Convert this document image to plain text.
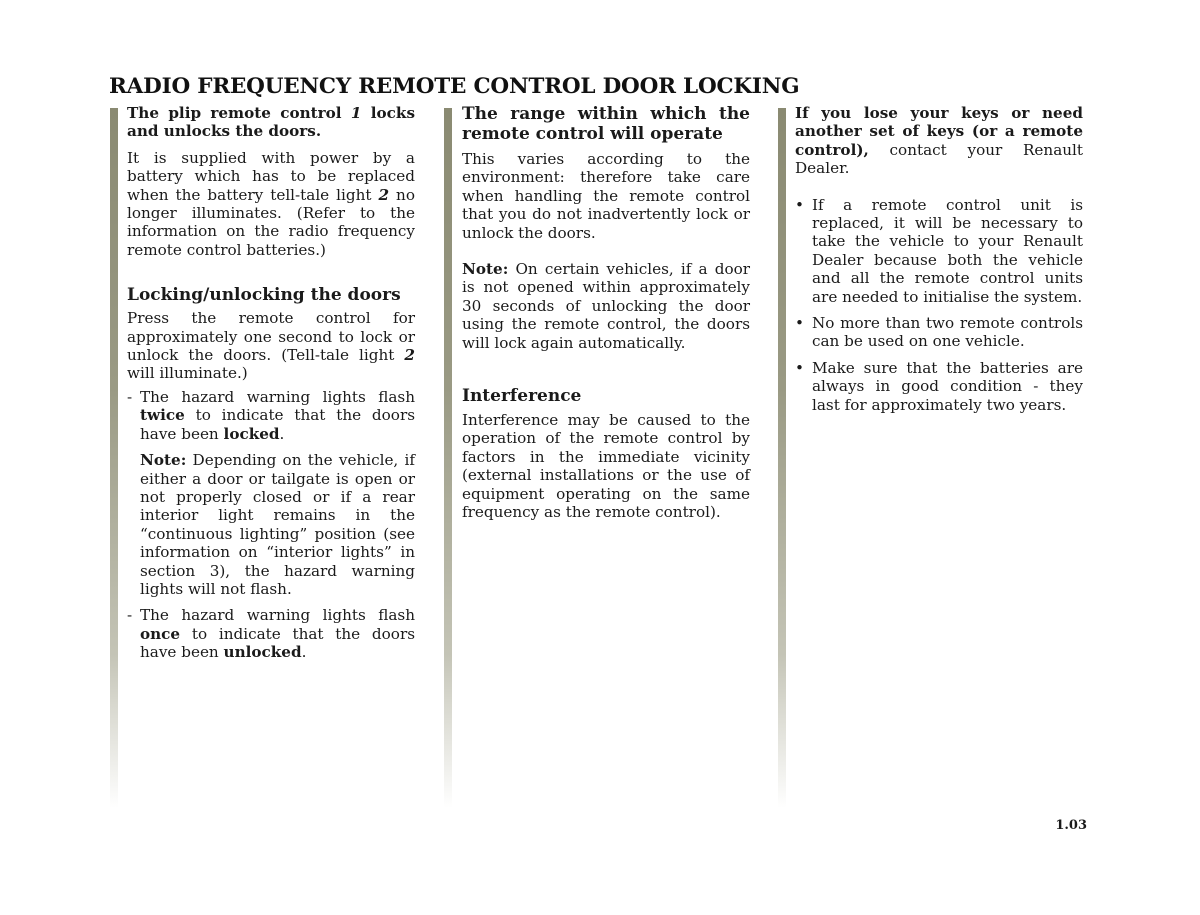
RADIO FREQUENCY REMOTE CONTROL DOOR LOCKING

The plip remote control 1 locks and unlocks the doors.

It is supplied with power by a battery which has to be replaced when the battery tell-tale light 2 no longer illuminates. (Refer to the information on the radio frequency remote control batteries.)

Locking/unlocking the doors

Press the remote control for approximately one second to lock or unlock the doors. (Tell-tale light 2 will illuminate.)

- The hazard warning lights flash twice to indicate that the doors have been locked.

Note: Depending on the vehicle, if either a door or tailgate is open or not properly closed or if a rear interior light remains in the “continuous lighting” position (see information on “interior lights” in section 3), the hazard warning lights will not flash.

- The hazard warning lights flash once to indicate that the doors have been unlocked.

The range within which the remote control will operate

This varies according to the environment: therefore take care when handling the remote control that you do not inadvertently lock or unlock the doors.

Note: On certain vehicles, if a door is not opened within approximately 30 seconds of unlocking the door using the remote control, the doors will lock again automatically.

Interference

Interference may be caused to the operation of the remote control by factors in the immediate vicinity (external installations or the use of equipment operating on the same frequency as the remote control).

If you lose your keys or need another set of keys (or a remote control), contact your Renault Dealer.

• If a remote control unit is replaced, it will be necessary to take the vehicle to your Renault Dealer because both the vehicle and all the remote control units are needed to initialise the system.

• No more than two remote controls can be used on one vehicle.

• Make sure that the batteries are always in good condition - they last for approximately two years.

1.03
